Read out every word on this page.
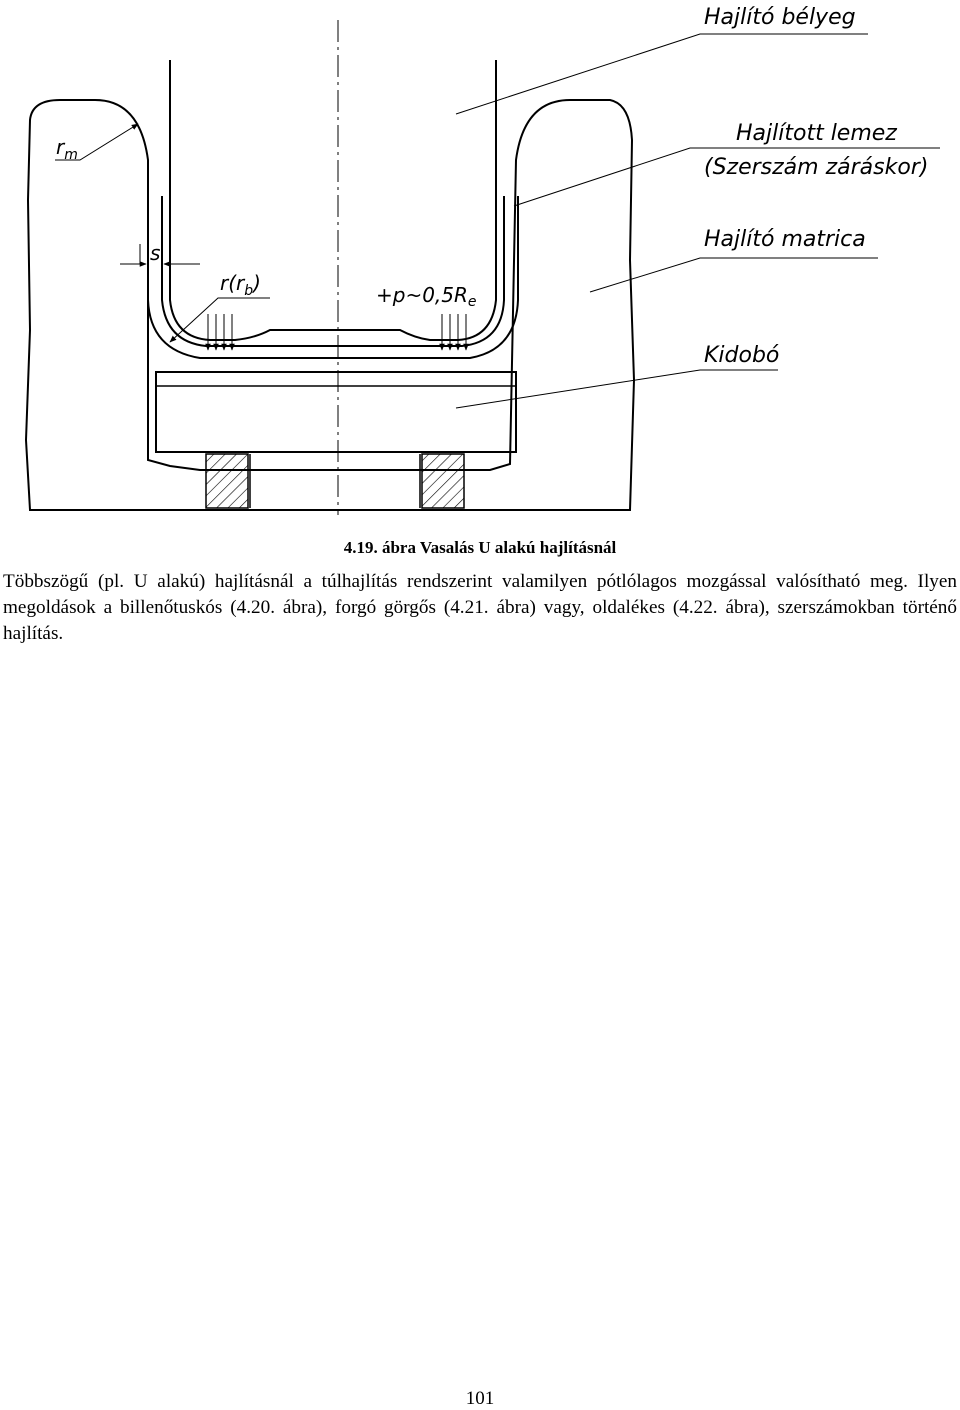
Hajlító bélyeg
Hajlított lemez
(Szerszám záráskor)
Hajlító matrica
Kidobó
$r_m$
s
$r(r_b)$	$+p\sim 0,5R_e$
4.19. ábra Vasalás U alakú hajlításnál

Többszögű (pl. U alakú) hajlításnál a túlhajlítás rendszerint valamilyen pótlólagos mozgással valósítható meg. Ilyen megoldások a billenőtuskós (4.20. ábra), forgó görgős (4.21. ábra) vagy, oldalékes (4.22. ábra), szerszámokban történő hajlítás.

101
